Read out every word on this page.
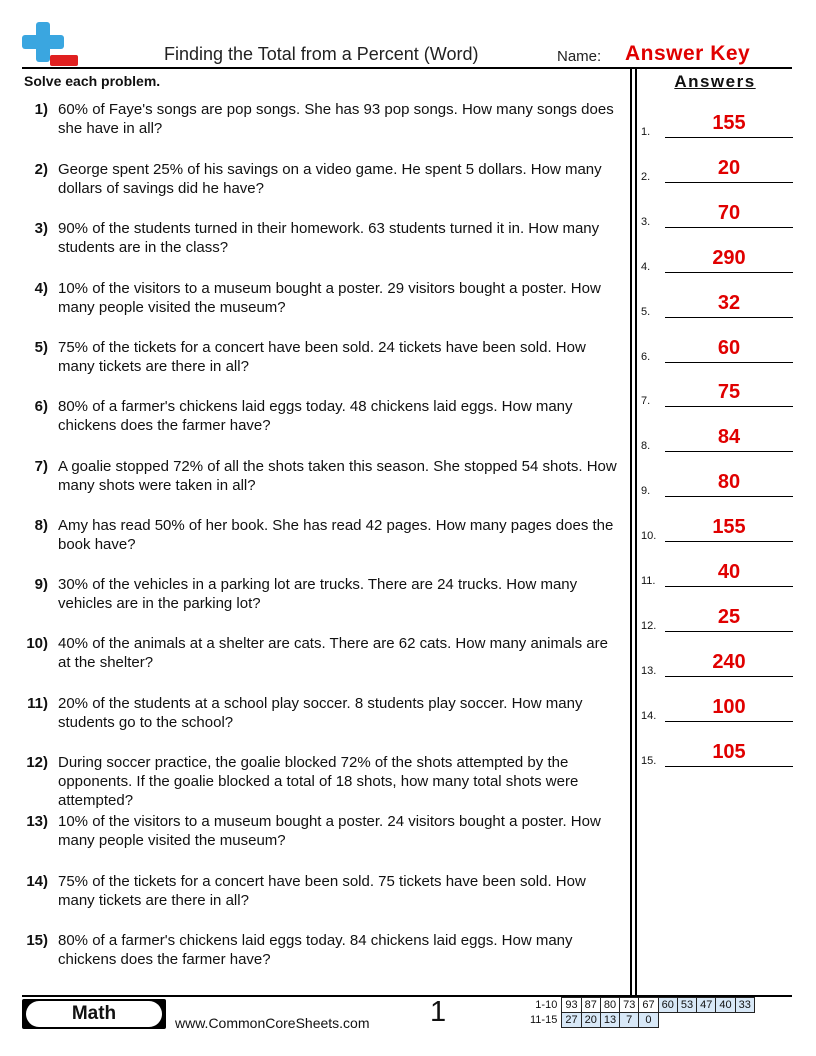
Finding the Total from a Percent (Word)	Name: Answer Key
Solve each problem.
1) 60% of Faye's songs are pop songs. She has 93 pop songs. How many songs does she have in all?
2) George spent 25% of his savings on a video game. He spent 5 dollars. How many dollars of savings did he have?
3) 90% of the students turned in their homework. 63 students turned it in. How many students are in the class?
4) 10% of the visitors to a museum bought a poster. 29 visitors bought a poster. How many people visited the museum?
5) 75% of the tickets for a concert have been sold. 24 tickets have been sold. How many tickets are there in all?
6) 80% of a farmer's chickens laid eggs today. 48 chickens laid eggs. How many chickens does the farmer have?
7) A goalie stopped 72% of all the shots taken this season. She stopped 54 shots. How many shots were taken in all?
8) Amy has read 50% of her book. She has read 42 pages. How many pages does the book have?
9) 30% of the vehicles in a parking lot are trucks. There are 24 trucks. How many vehicles are in the parking lot?
10) 40% of the animals at a shelter are cats. There are 62 cats. How many animals are at the shelter?
11) 20% of the students at a school play soccer. 8 students play soccer. How many students go to the school?
12) During soccer practice, the goalie blocked 72% of the shots attempted by the opponents. If the goalie blocked a total of 18 shots, how many total shots were attempted?
13) 10% of the visitors to a museum bought a poster. 24 visitors bought a poster. How many people visited the museum?
14) 75% of the tickets for a concert have been sold. 75 tickets have been sold. How many tickets are there in all?
15) 80% of a farmer's chickens laid eggs today. 84 chickens laid eggs. How many chickens does the farmer have?
Answers
1.	155
2.	20
3.	70
4.	290
5.	32
6.	60
7.	75
8.	84
9.	80
10.	155
11.	40
12.	25
13.	240
14.	100
15.	105
Math	www.CommonCoreSheets.com 1	1-10		93	87	80	73	67	60	53	47	40	33
11-15		27	20	13	7	0					
